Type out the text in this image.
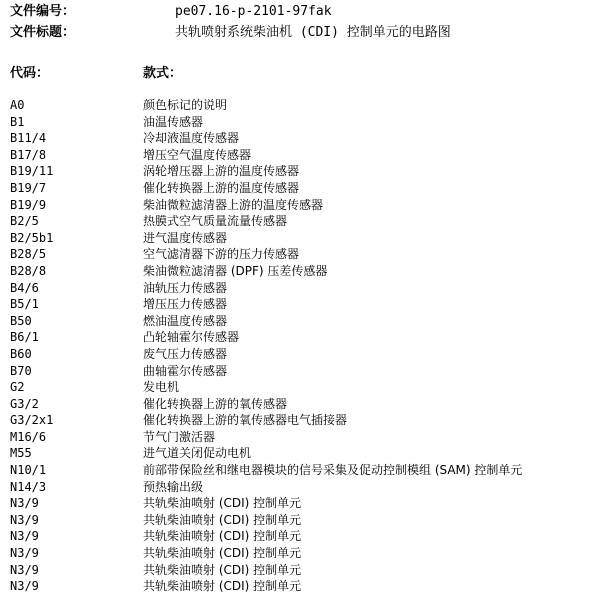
文件编号：	pe07.16-p-2101-97fak
文件标题：	共轨喷射系统柴油机 (CDI) 控制单元的电路图
代码：	款式：
A0	颜色标记的说明
B1	油温传感器
B11/4	冷却液温度传感器
B17/8	增压空气温度传感器
B19/11	涡轮增压器上游的温度传感器
B19/7	催化转换器上游的温度传感器
B19/9	柴油微粒滤清器上游的温度传感器
B2/5	热膜式空气质量流量传感器
B2/5b1	进气温度传感器
B28/5	空气滤清器下游的压力传感器
B28/8	柴油微粒滤清器 (DPF) 压差传感器
B4/6	油轨压力传感器
B5/1	增压压力传感器
B50	燃油温度传感器
B6/1	凸轮轴霍尔传感器
B60	废气压力传感器
B70	曲轴霍尔传感器
G2	发电机
G3/2	催化转换器上游的氧传感器
G3/2x1	催化转换器上游的氧传感器电气插接器
M16/6	节气门激活器
M55	进气道关闭促动电机
N10/1	前部带保险丝和继电器模块的信号采集及促动控制模组 (SAM) 控制单元
N14/3	预热输出级
N3/9	共轨柴油喷射 (CDI) 控制单元
N3/9	共轨柴油喷射 (CDI) 控制单元
N3/9	共轨柴油喷射 (CDI) 控制单元
N3/9	共轨柴油喷射 (CDI) 控制单元
N3/9	共轨柴油喷射 (CDI) 控制单元
N3/9	共轨柴油喷射 (CDI) 控制单元
